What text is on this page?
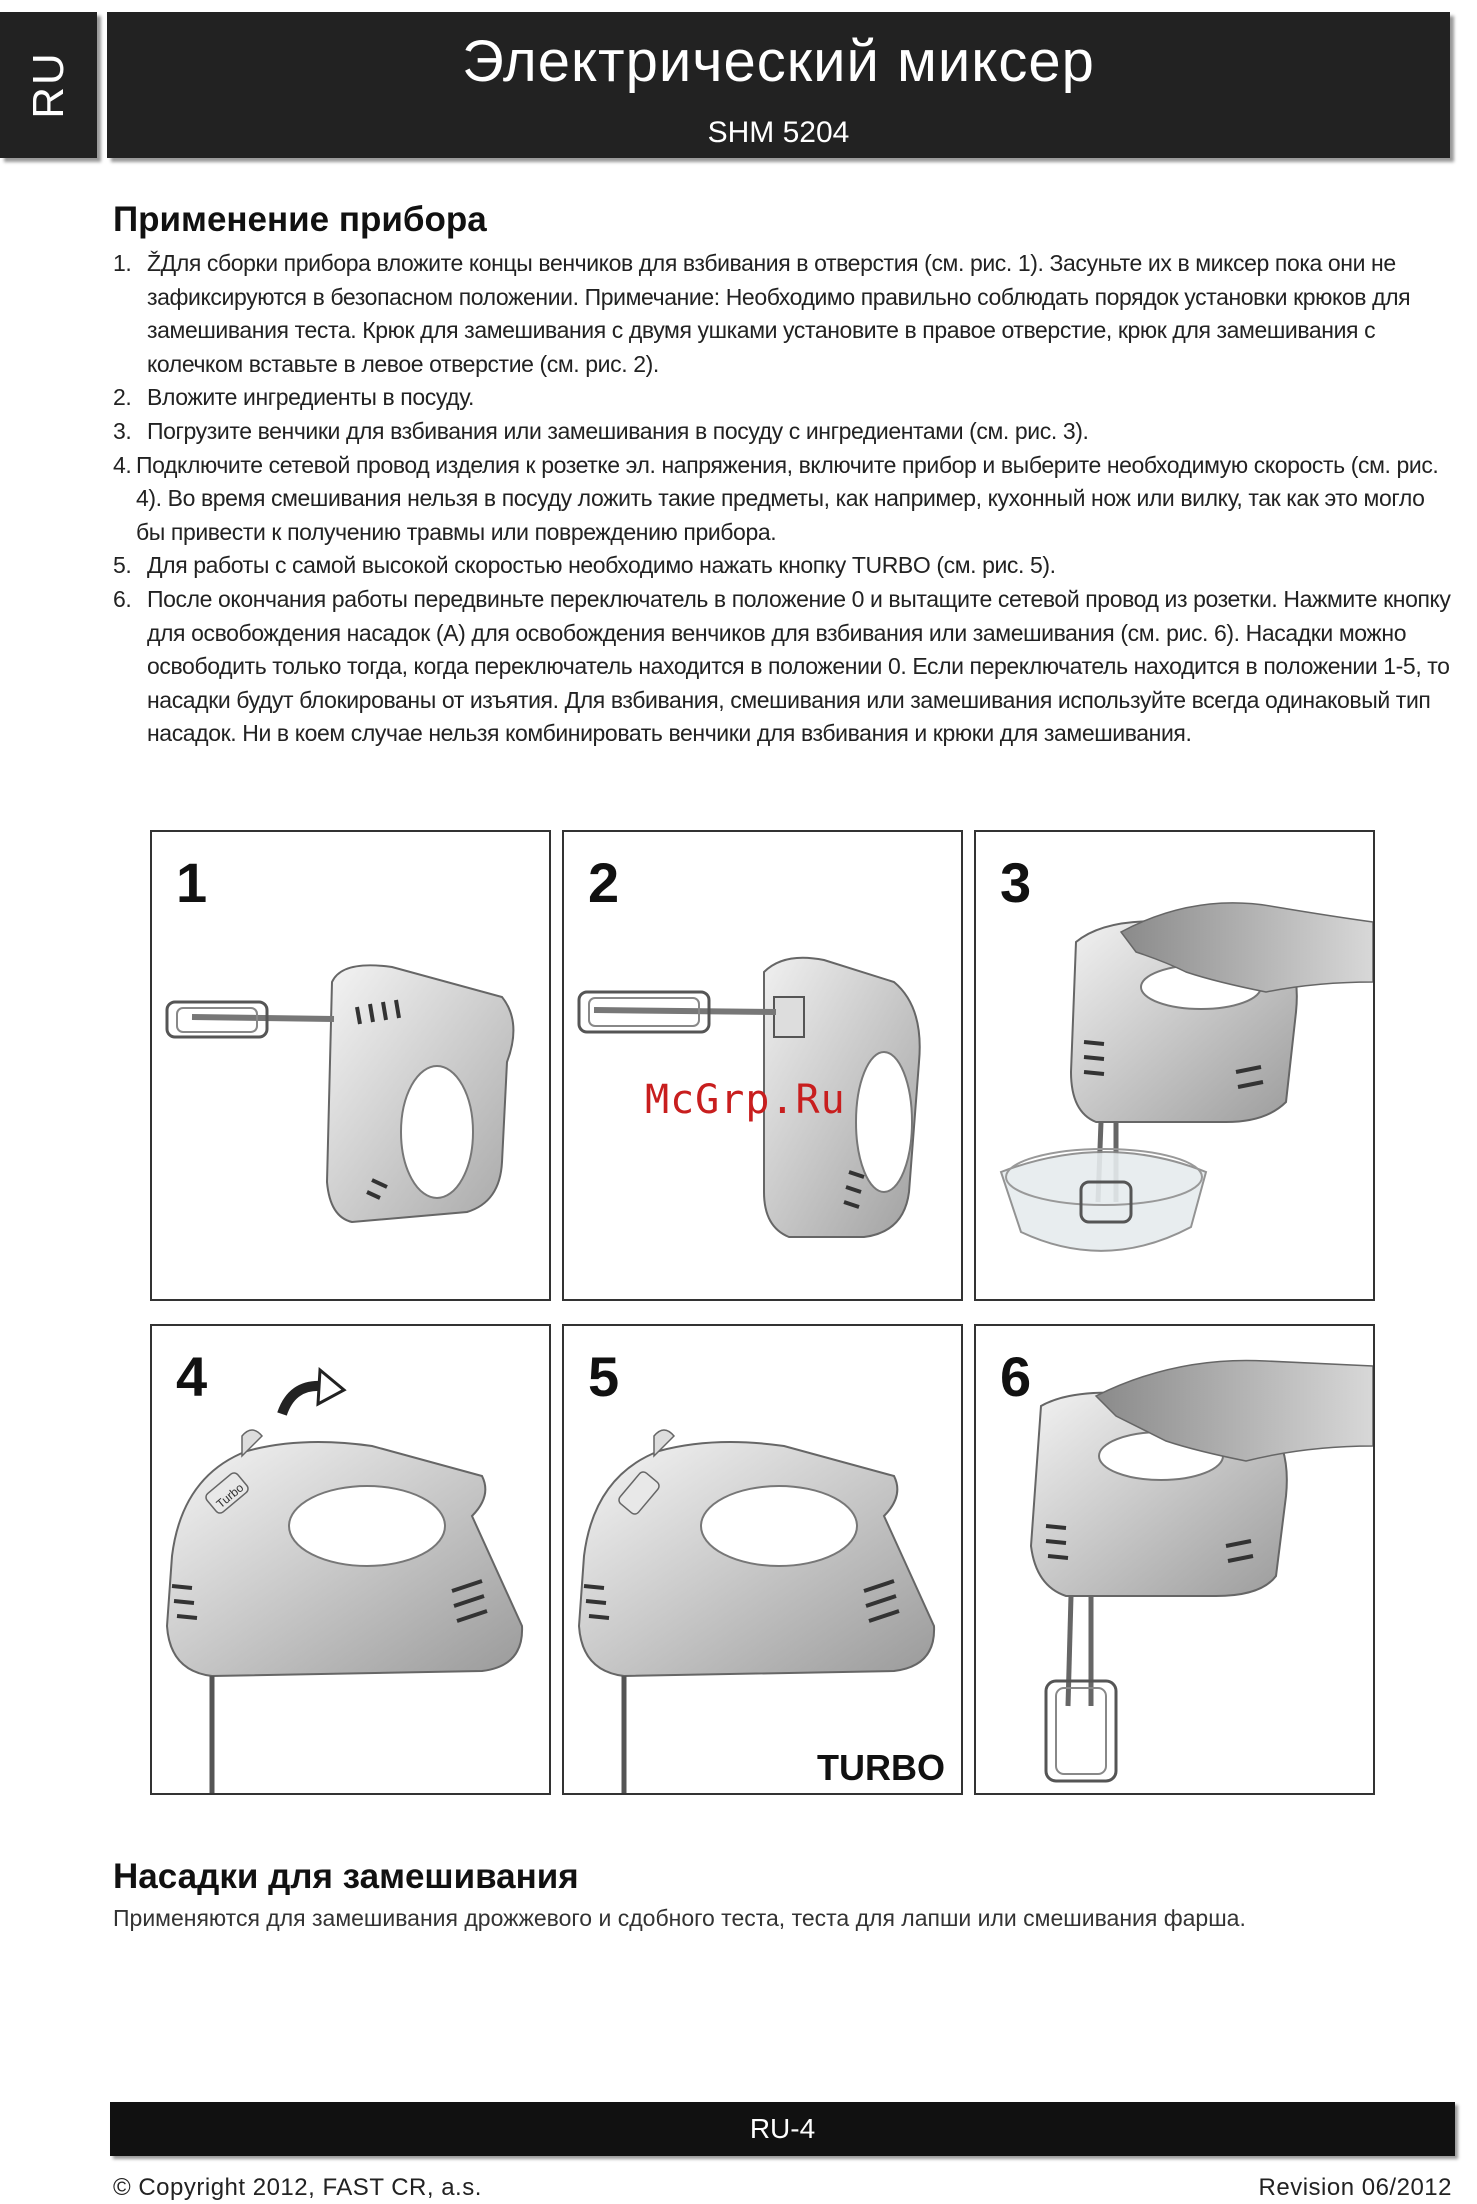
RU	Электрический миксер
SHM 5204
Применение прибора
1. ŽДля сборки прибора вложите концы венчиков для взбивания в отверстия (см. рис. 1). Засуньте их в миксер пока они не зафиксируются в безопасном положении. Примечание: Необходимо правильно соблюдать порядок установки крюков для замешивания теста. Крюк для замешивания с двумя ушками установите в правое отверстие, крюк для замешивания с колечком вставьте в левое отверстие (см. рис. 2).
2. Вложите ингредиенты в посуду.
3. Погрузите венчики для взбивания или замешивания в посуду с ингредиентами (см. рис. 3).
4. Подключите сетевой провод изделия к розетке эл. напряжения, включите прибор и выберите необходимую скорость (см. рис. 4). Во время смешивания нельзя в посуду ложить такие предметы, как например, кухонный нож или вилку, так как это могло бы привести к получению травмы или повреждению прибора.
5. Для работы с самой высокой скоростью необходимо нажать кнопку TURBO (см. рис. 5).
6. После окончания работы передвиньте переключатель в положение 0 и вытащите сетевой провод из розетки. Нажмите кнопку для освобождения насадок (A) для освобождения венчиков для взбивания или замешивания (см. рис. 6). Насадки можно освободить только тогда, когда переключатель находится в положении 0. Если переключатель находится в положении 1-5, то насадки будут блокированы от изъятия. Для взбивания, смешивания или замешивания используйте всегда одинаковый тип насадок. Ни в коем случае нельзя комбинировать венчики для взбивания и крюки для замешивания.
1	2	3
Turbo
4	5
TURBO
6
McGrp.Ru
Насадки для замешивания
Применяются для замешивания дрожжевого и сдобного теста, теста для лапши или смешивания фарша.
RU-4
© Copyright 2012, FAST CR, a.s.	Revision 06/2012
